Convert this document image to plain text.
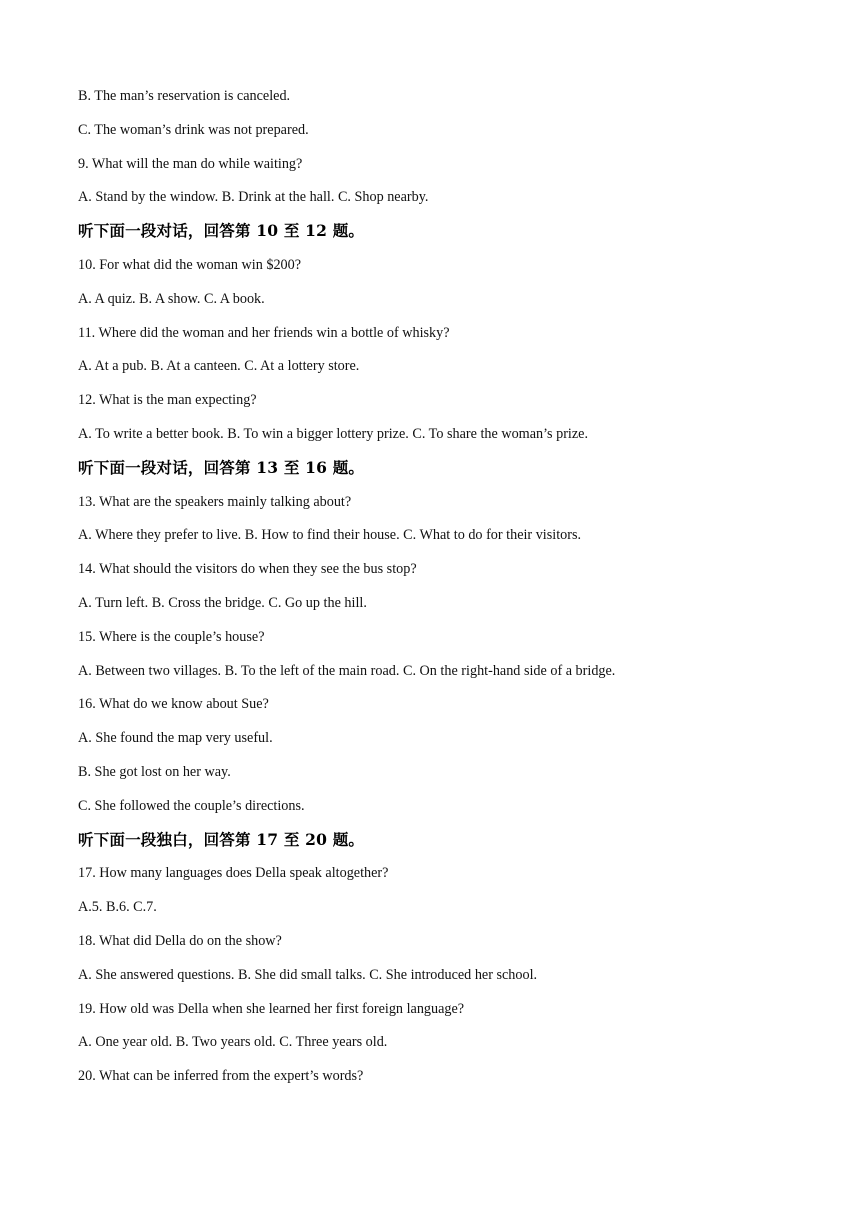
B. The man’s reservation is canceled.
C. The woman’s drink was not prepared.
9. What will the man do while waiting?
A. Stand by the window. B. Drink at the hall. C. Shop nearby.
听下面一段对话，回答第 10 至 12 题。
10. For what did the woman win $200?
A. A quiz. B. A show. C. A book.
11. Where did the woman and her friends win a bottle of whisky?
A. At a pub. B. At a canteen. C. At a lottery store.
12. What is the man expecting?
A. To write a better book. B. To win a bigger lottery prize. C. To share the woman’s prize.
听下面一段对话，回答第 13 至 16 题。
13. What are the speakers mainly talking about?
A. Where they prefer to live. B. How to find their house. C. What to do for their visitors.
14. What should the visitors do when they see the bus stop?
A. Turn left. B. Cross the bridge. C. Go up the hill.
15. Where is the couple’s house?
A. Between two villages. B. To the left of the main road. C. On the right-hand side of a bridge.
16. What do we know about Sue?
A. She found the map very useful.
B. She got lost on her way.
C. She followed the couple’s directions.
听下面一段独白，回答第 17 至 20 题。
17. How many languages does Della speak altogether?
A.5. B.6. C.7.
18. What did Della do on the show?
A. She answered questions. B. She did small talks. C. She introduced her school.
19. How old was Della when she learned her first foreign language?
A. One year old. B. Two years old. C. Three years old.
20. What can be inferred from the expert’s words?
